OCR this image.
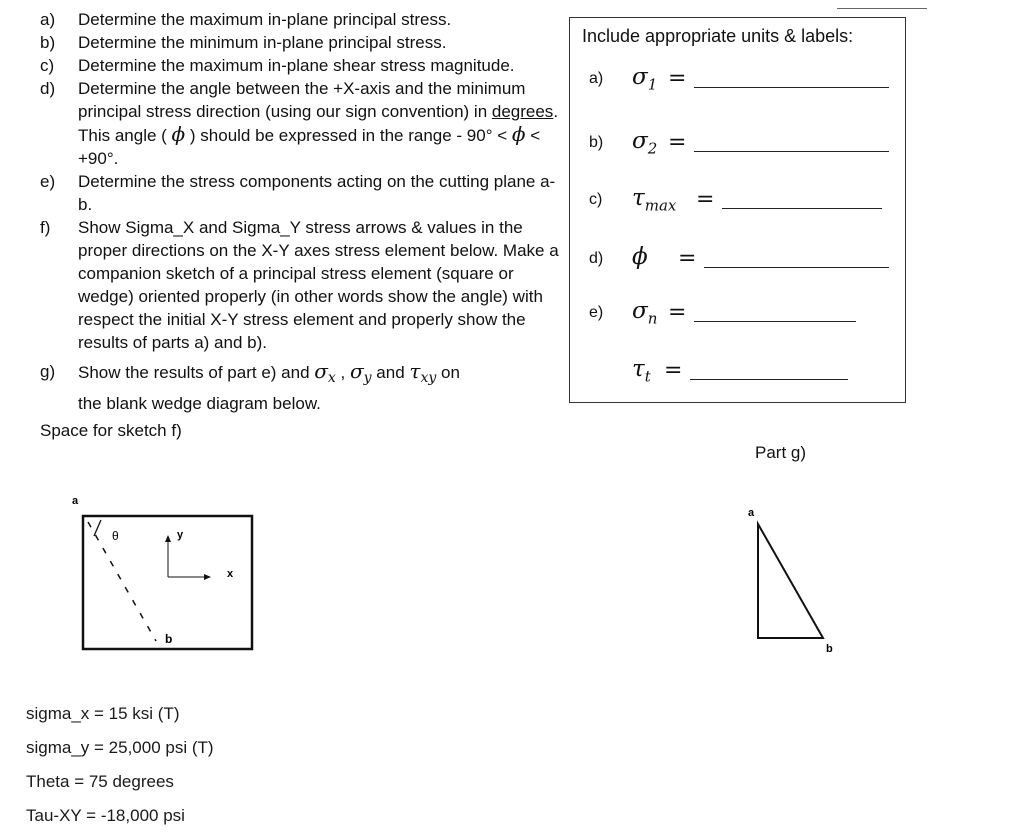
a)	Determine the maximum in-plane principal stress.
b)	Determine the minimum in-plane principal stress.
c)	Determine the maximum in-plane shear stress magnitude.
d)	Determine the angle between the +X-axis and the minimum principal stress direction (using our sign convention) in degrees. This angle ( ϕ ) should be expressed in the range - 90° < ϕ < +90°.
e)	Determine the stress components acting on the cutting plane a-b.
f)	Show Sigma_X and Sigma_Y stress arrows & values in the proper directions on the X-Y axes stress element below. Make a companion sketch of a principal stress element (square or wedge) oriented properly (in other words show the angle) with respect the initial X-Y stress element and properly show the results of parts a) and b).
g)	Show the results of part e) and $\sigma_x$ , $\sigma_y$ and $\tau_{xy}$ on
the blank wedge diagram below.
Include appropriate units & labels:
a) $\sigma_1$ =
b) $\sigma_2$ =
c) $\tau_{max}$ =
d) ϕ =
e) $\sigma_n$ =
$\tau_t$ =
Space for sketch f)
Part g)
a
θ	y
x
b
a
b
sigma_x = 15 ksi (T)
sigma_y = 25,000 psi (T)
Theta = 75 degrees
Tau-XY = -18,000 psi
